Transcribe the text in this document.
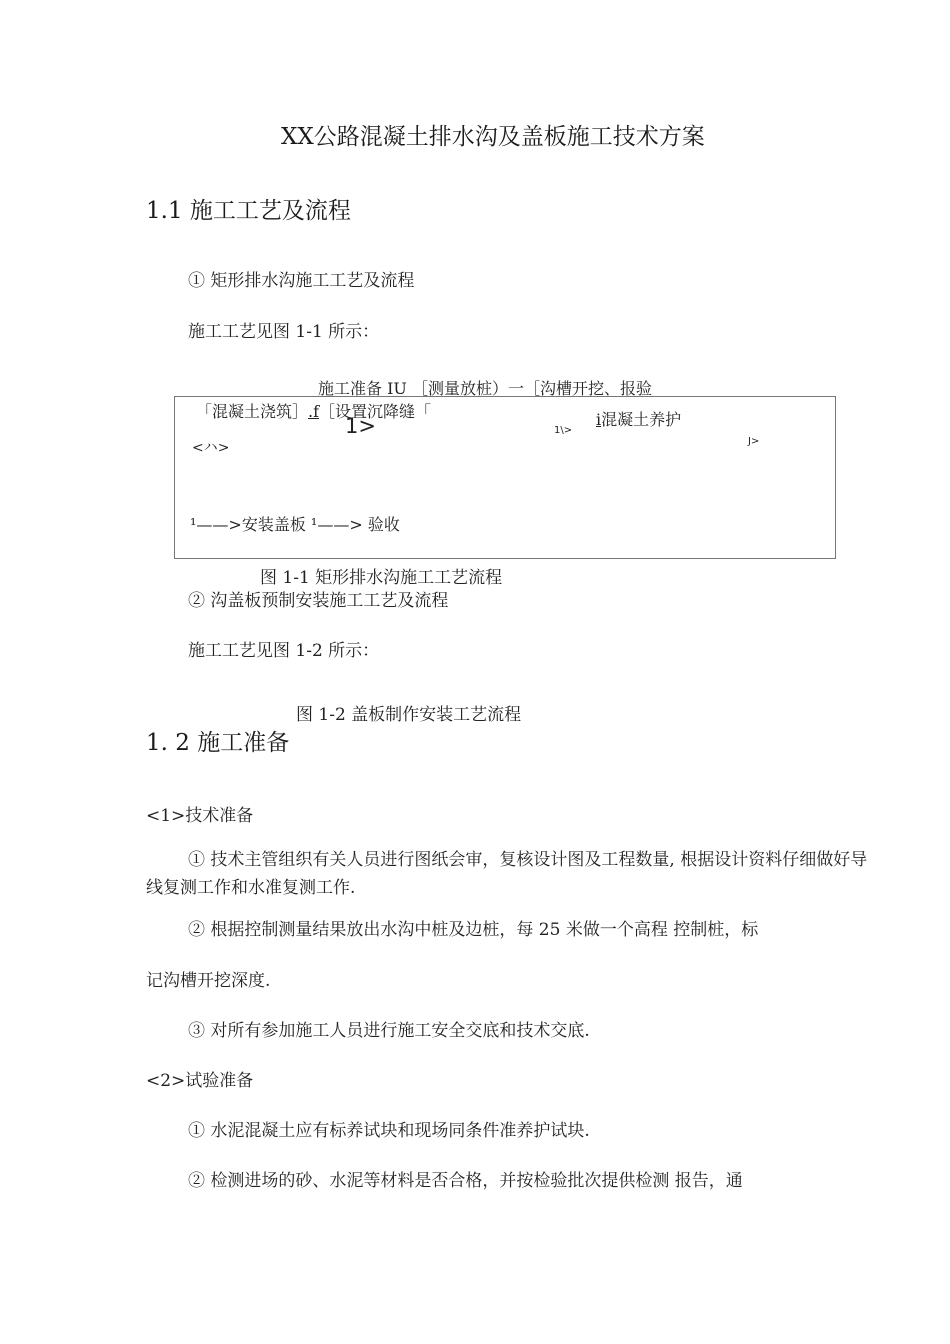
XX公路混凝土排水沟及盖板施工技术方案
1.1 施工工艺及流程
① 矩形排水沟施工工艺及流程
施工工艺见图 1-1 所示：
施工准备 IU ［测量放桩）一［沟槽开挖、报验
「混凝土浇筑］.f［设置沉降缝「
1>	1\>
i混凝土养护
<ハ>	J>
¹——>安装盖板 ¹——> 验收
图 1-1 矩形排水沟施工工艺流程
② 沟盖板预制安装施工工艺及流程
施工工艺见图 1-2 所示：
图 1-2 盖板制作安装工艺流程
1. 2 施工准备
<1>技术准备
① 技术主管组织有关人员进行图纸会审，复核设计图及工程数量, 根据设计资料仔细做好导线复测工作和水准复测工作.
② 根据控制测量结果放出水沟中桩及边桩，每 25 米做一个高程 控制桩，标
记沟槽开挖深度.
③ 对所有参加施工人员进行施工安全交底和技术交底.
<2>试验准备
① 水泥混凝土应有标养试块和现场同条件准养护试块.
② 检测进场的砂、水泥等材料是否合格，并按检验批次提供检测 报告，通
